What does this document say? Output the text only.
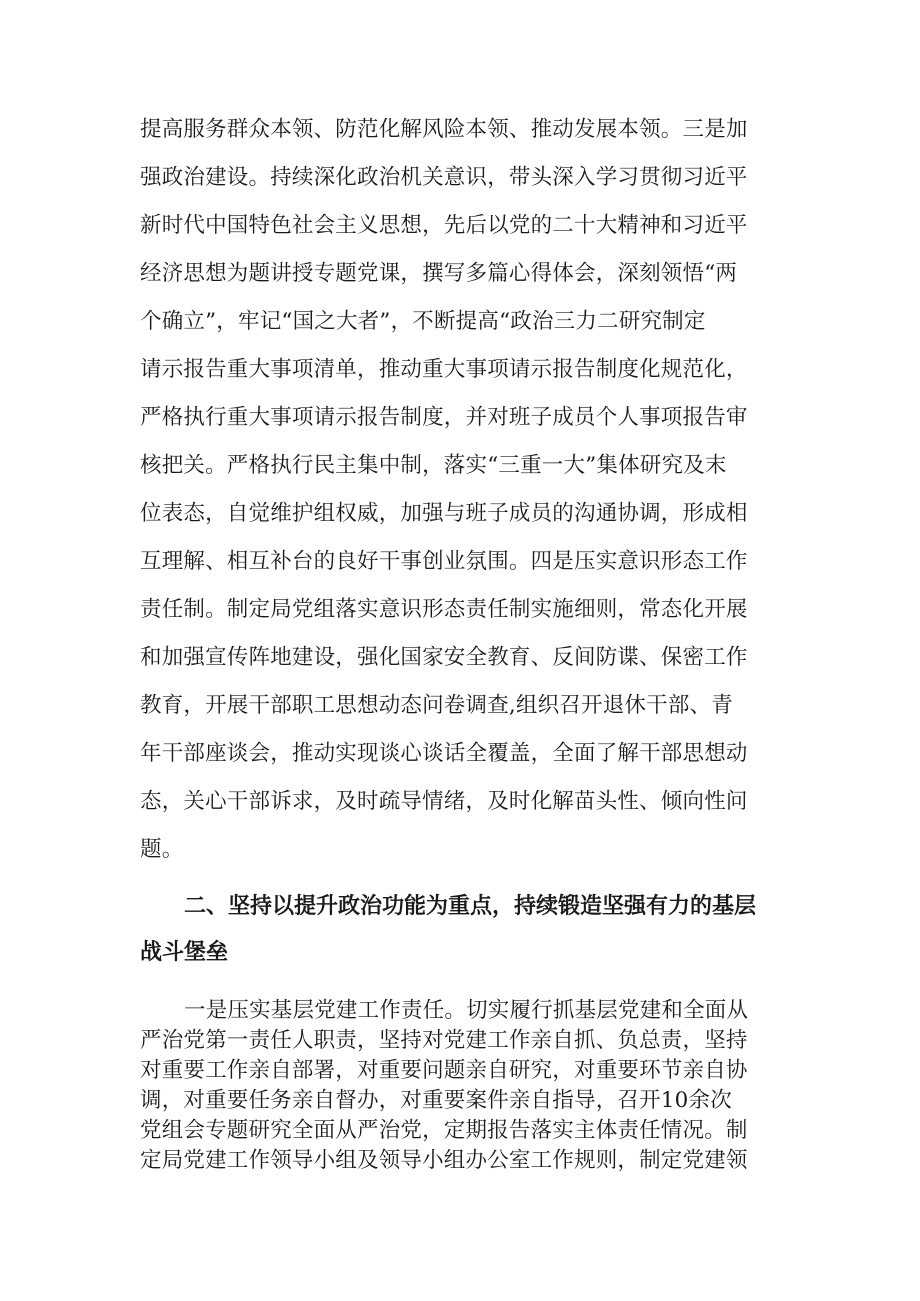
提高服务群众本领、防范化解风险本领、推动发展本领。三是加
强政治建设。持续深化政治机关意识，带头深入学习贯彻习近平
新时代中国特色社会主义思想，先后以党的二十大精神和习近平
经济思想为题讲授专题党课，撰写多篇心得体会，深刻领悟“两
个确立”，牢记“国之大者”，不断提高“政治三力二研究制定
请示报告重大事项清单，推动重大事项请示报告制度化规范化，
严格执行重大事项请示报告制度，并对班子成员个人事项报告审
核把关。严格执行民主集中制，落实“三重一大”集体研究及末
位表态，自觉维护组权威，加强与班子成员的沟通协调，形成相
互理解、相互补台的良好干事创业氛围。四是压实意识形态工作
责任制。制定局党组落实意识形态责任制实施细则，常态化开展
和加强宣传阵地建设，强化国家安全教育、反间防谍、保密工作
教育，开展干部职工思想动态问卷调查,组织召开退休干部、青
年干部座谈会，推动实现谈心谈话全覆盖，全面了解干部思想动
态，关心干部诉求，及时疏导情绪，及时化解苗头性、倾向性问
题。
二、坚持以提升政治功能为重点，持续锻造坚强有力的基层
战斗堡垒
一是压实基层党建工作责任。切实履行抓基层党建和全面从
严治党第一责任人职责，坚持对党建工作亲自抓、负总责，坚持
对重要工作亲自部署，对重要问题亲自研究，对重要环节亲自协
调，对重要任务亲自督办，对重要案件亲自指导，召开10余次
党组会专题研究全面从严治党，定期报告落实主体责任情况。制
定局党建工作领导小组及领导小组办公室工作规则，制定党建领
